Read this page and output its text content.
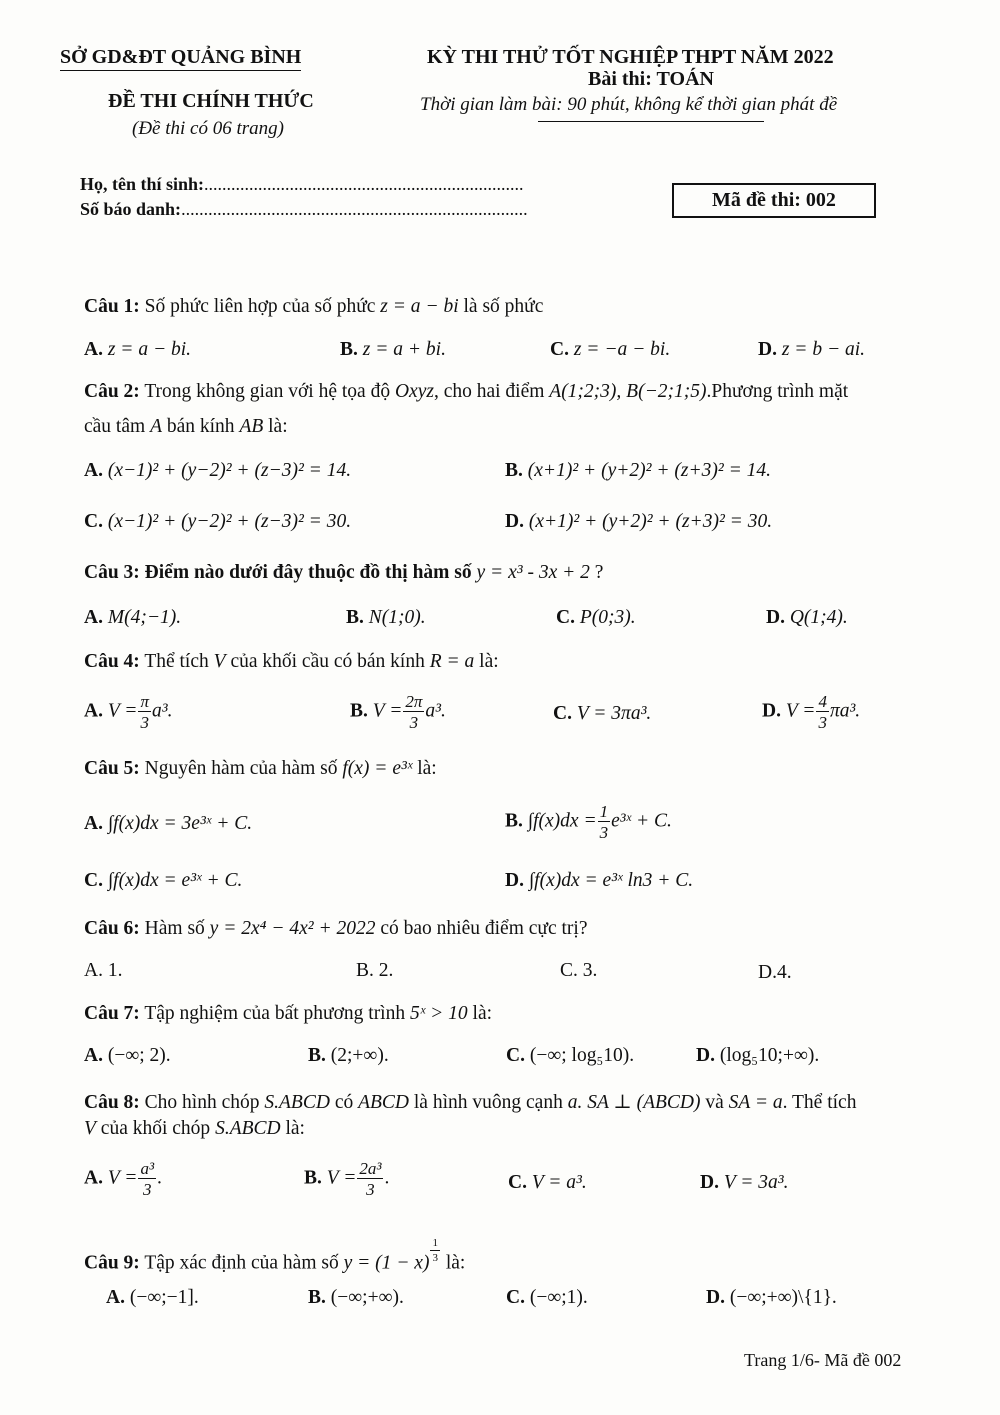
SỞ GD&ĐT QUẢNG BÌNH
ĐỀ THI CHÍNH THỨC
(Đề thi có 06 trang)
KỲ THI THỬ TỐT NGHIỆP THPT NĂM 2022
Bài thi: TOÁN
Thời gian làm bài: 90 phút, không kể thời gian phát đề
Họ, tên thí sinh:.......................................................................
Số báo danh:.............................................................................	Mã đề thi: 002
Câu 1: Số phức liên hợp của số phức z = a − bi là số phức
A. z = a − bi.	B. z = a + bi.	C. z = −a − bi.	D. z = b − ai.
Câu 2: Trong không gian với hệ tọa độ Oxyz, cho hai điểm A(1;2;3), B(−2;1;5).Phương trình mặt
cầu tâm A bán kính AB là:
A. (x−1)² + (y−2)² + (z−3)² = 14.	B. (x+1)² + (y+2)² + (z+3)² = 14.
C. (x−1)² + (y−2)² + (z−3)² = 30.	D. (x+1)² + (y+2)² + (z+3)² = 30.
Câu 3: Điểm nào dưới đây thuộc đồ thị hàm số y = x³ - 3x + 2 ?
A. M(4;−1).	B. N(1;0).	C. P(0;3).	D. Q(1;4).
Câu 4: Thể tích V của khối cầu có bán kính R = a là:
A. $V = \frac{\pi}{3} a^3$.	B. $V = \frac{2\pi}{3} a^3$.	C. V = 3πa³.	D. $V = \frac{4}{3} \pi a^3$.
Câu 5: Nguyên hàm của hàm số f(x) = e³ˣ là:
A. ∫f(x)dx = 3e³ˣ + C.	B. $\int f(x)dx = \frac{1}{3}$ e³ˣ + C.
C. ∫f(x)dx = e³ˣ + C.	D. ∫f(x)dx = e³ˣ ln3 + C.
Câu 6: Hàm số y = 2x⁴ − 4x² + 2022 có bao nhiêu điểm cực trị?
A. 1.	B. 2.	C. 3.	D.4.
Câu 7: Tập nghiệm của bất phương trình 5ˣ > 10 là:
A. (−∞; 2).	B. (2;+∞).	C. (−∞; log₅10).	D. (log₅10;+∞).
Câu 8: Cho hình chóp S.ABCD có ABCD là hình vuông cạnh a. SA ⊥ (ABCD) và SA = a. Thể tích
V của khối chóp S.ABCD là:
A. $V = \frac{\text{a³}}{3}$ .	B. $V = \frac{\text{2a³}}{3}$ .	C. V = a³.	D. V = 3a³.
Câu 9: Tập xác định của hàm số $y = (1 - x) \frac{1}{3}$ là:
A. (−∞;−1].	B. (−∞;+∞).	C. (−∞;1).	D. (−∞;+∞)\{1}.
Trang 1/6- Mã đề 002
